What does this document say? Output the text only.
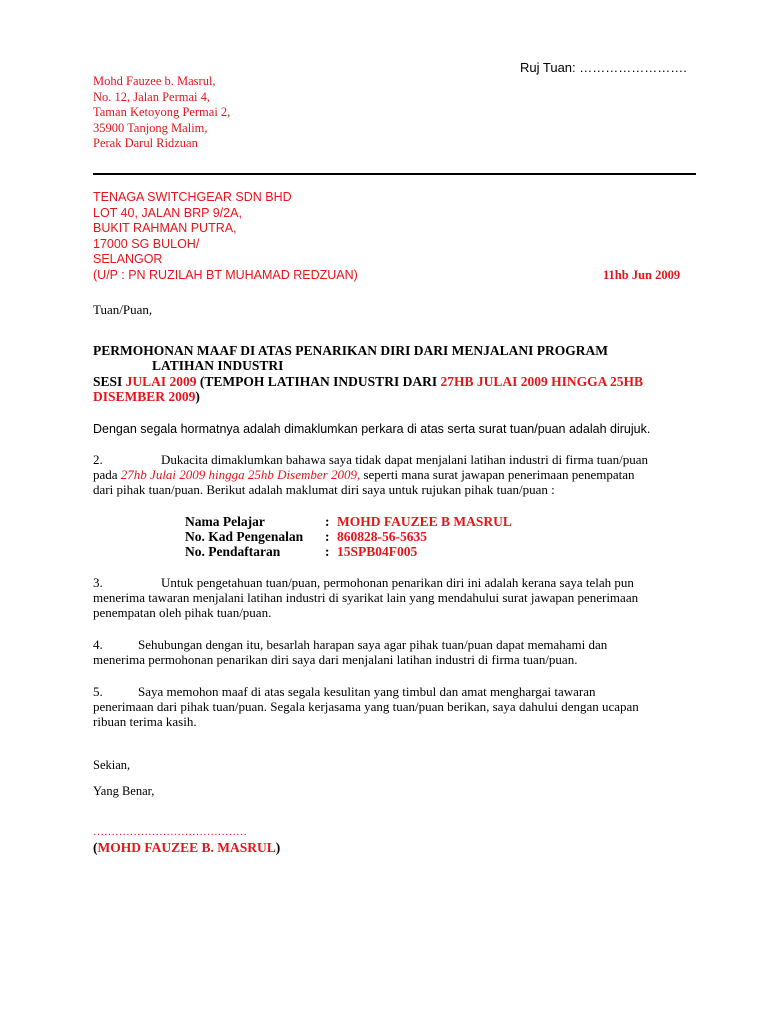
Ruj Tuan: …………………….
Mohd Fauzee b. Masrul,
No. 12, Jalan Permai 4,
Taman Ketoyong Permai 2,
35900 Tanjong Malim,
Perak Darul Ridzuan
TENAGA SWITCHGEAR SDN BHD
LOT 40, JALAN BRP 9/2A,
BUKIT RAHMAN PUTRA,
17000 SG BULOH/
SELANGOR
(U/P : PN RUZILAH BT MUHAMAD REDZUAN)	11hb Jun 2009
Tuan/Puan,
PERMOHONAN MAAF DI ATAS PENARIKAN DIRI DARI MENJALANI PROGRAM
LATIHAN INDUSTRI
SESI JULAI 2009 (TEMPOH LATIHAN INDUSTRI DARI 27HB JULAI 2009 HINGGA 25HB
DISEMBER 2009)
Dengan segala hormatnya adalah dimaklumkan perkara di atas serta surat tuan/puan adalah dirujuk.
2.	Dukacita dimaklumkan bahawa saya tidak dapat menjalani latihan industri di firma tuan/puan

pada 27hb Julai 2009 hingga 25hb Disember 2009, seperti mana surat jawapan penerimaan penempatan
dari pihak tuan/puan. Berikut adalah maklumat diri saya untuk rujukan pihak tuan/puan :
Nama Pelajar	: MOHD FAUZEE B MASRUL
No. Kad Pengenalan : 860828-56-5635
No. Pendaftaran	: 15SPB04F005
3.	Untuk pengetahuan tuan/puan, permohonan penarikan diri ini adalah kerana saya telah pun

menerima tawaran menjalani latihan industri di syarikat lain yang mendahului surat jawapan penerimaan
penempatan oleh pihak tuan/puan.
4.	Sehubungan dengan itu, besarlah harapan saya agar pihak tuan/puan dapat memahami dan

menerima permohonan penarikan diri saya dari menjalani latihan industri di firma tuan/puan.
5.	Saya memohon maaf di atas segala kesulitan yang timbul dan amat menghargai tawaran

penerimaan dari pihak tuan/puan. Segala kerjasama yang tuan/puan berikan, saya dahului dengan ucapan
ribuan terima kasih.
Sekian,
Yang Benar,
……………………………………
(MOHD FAUZEE B. MASRUL)
